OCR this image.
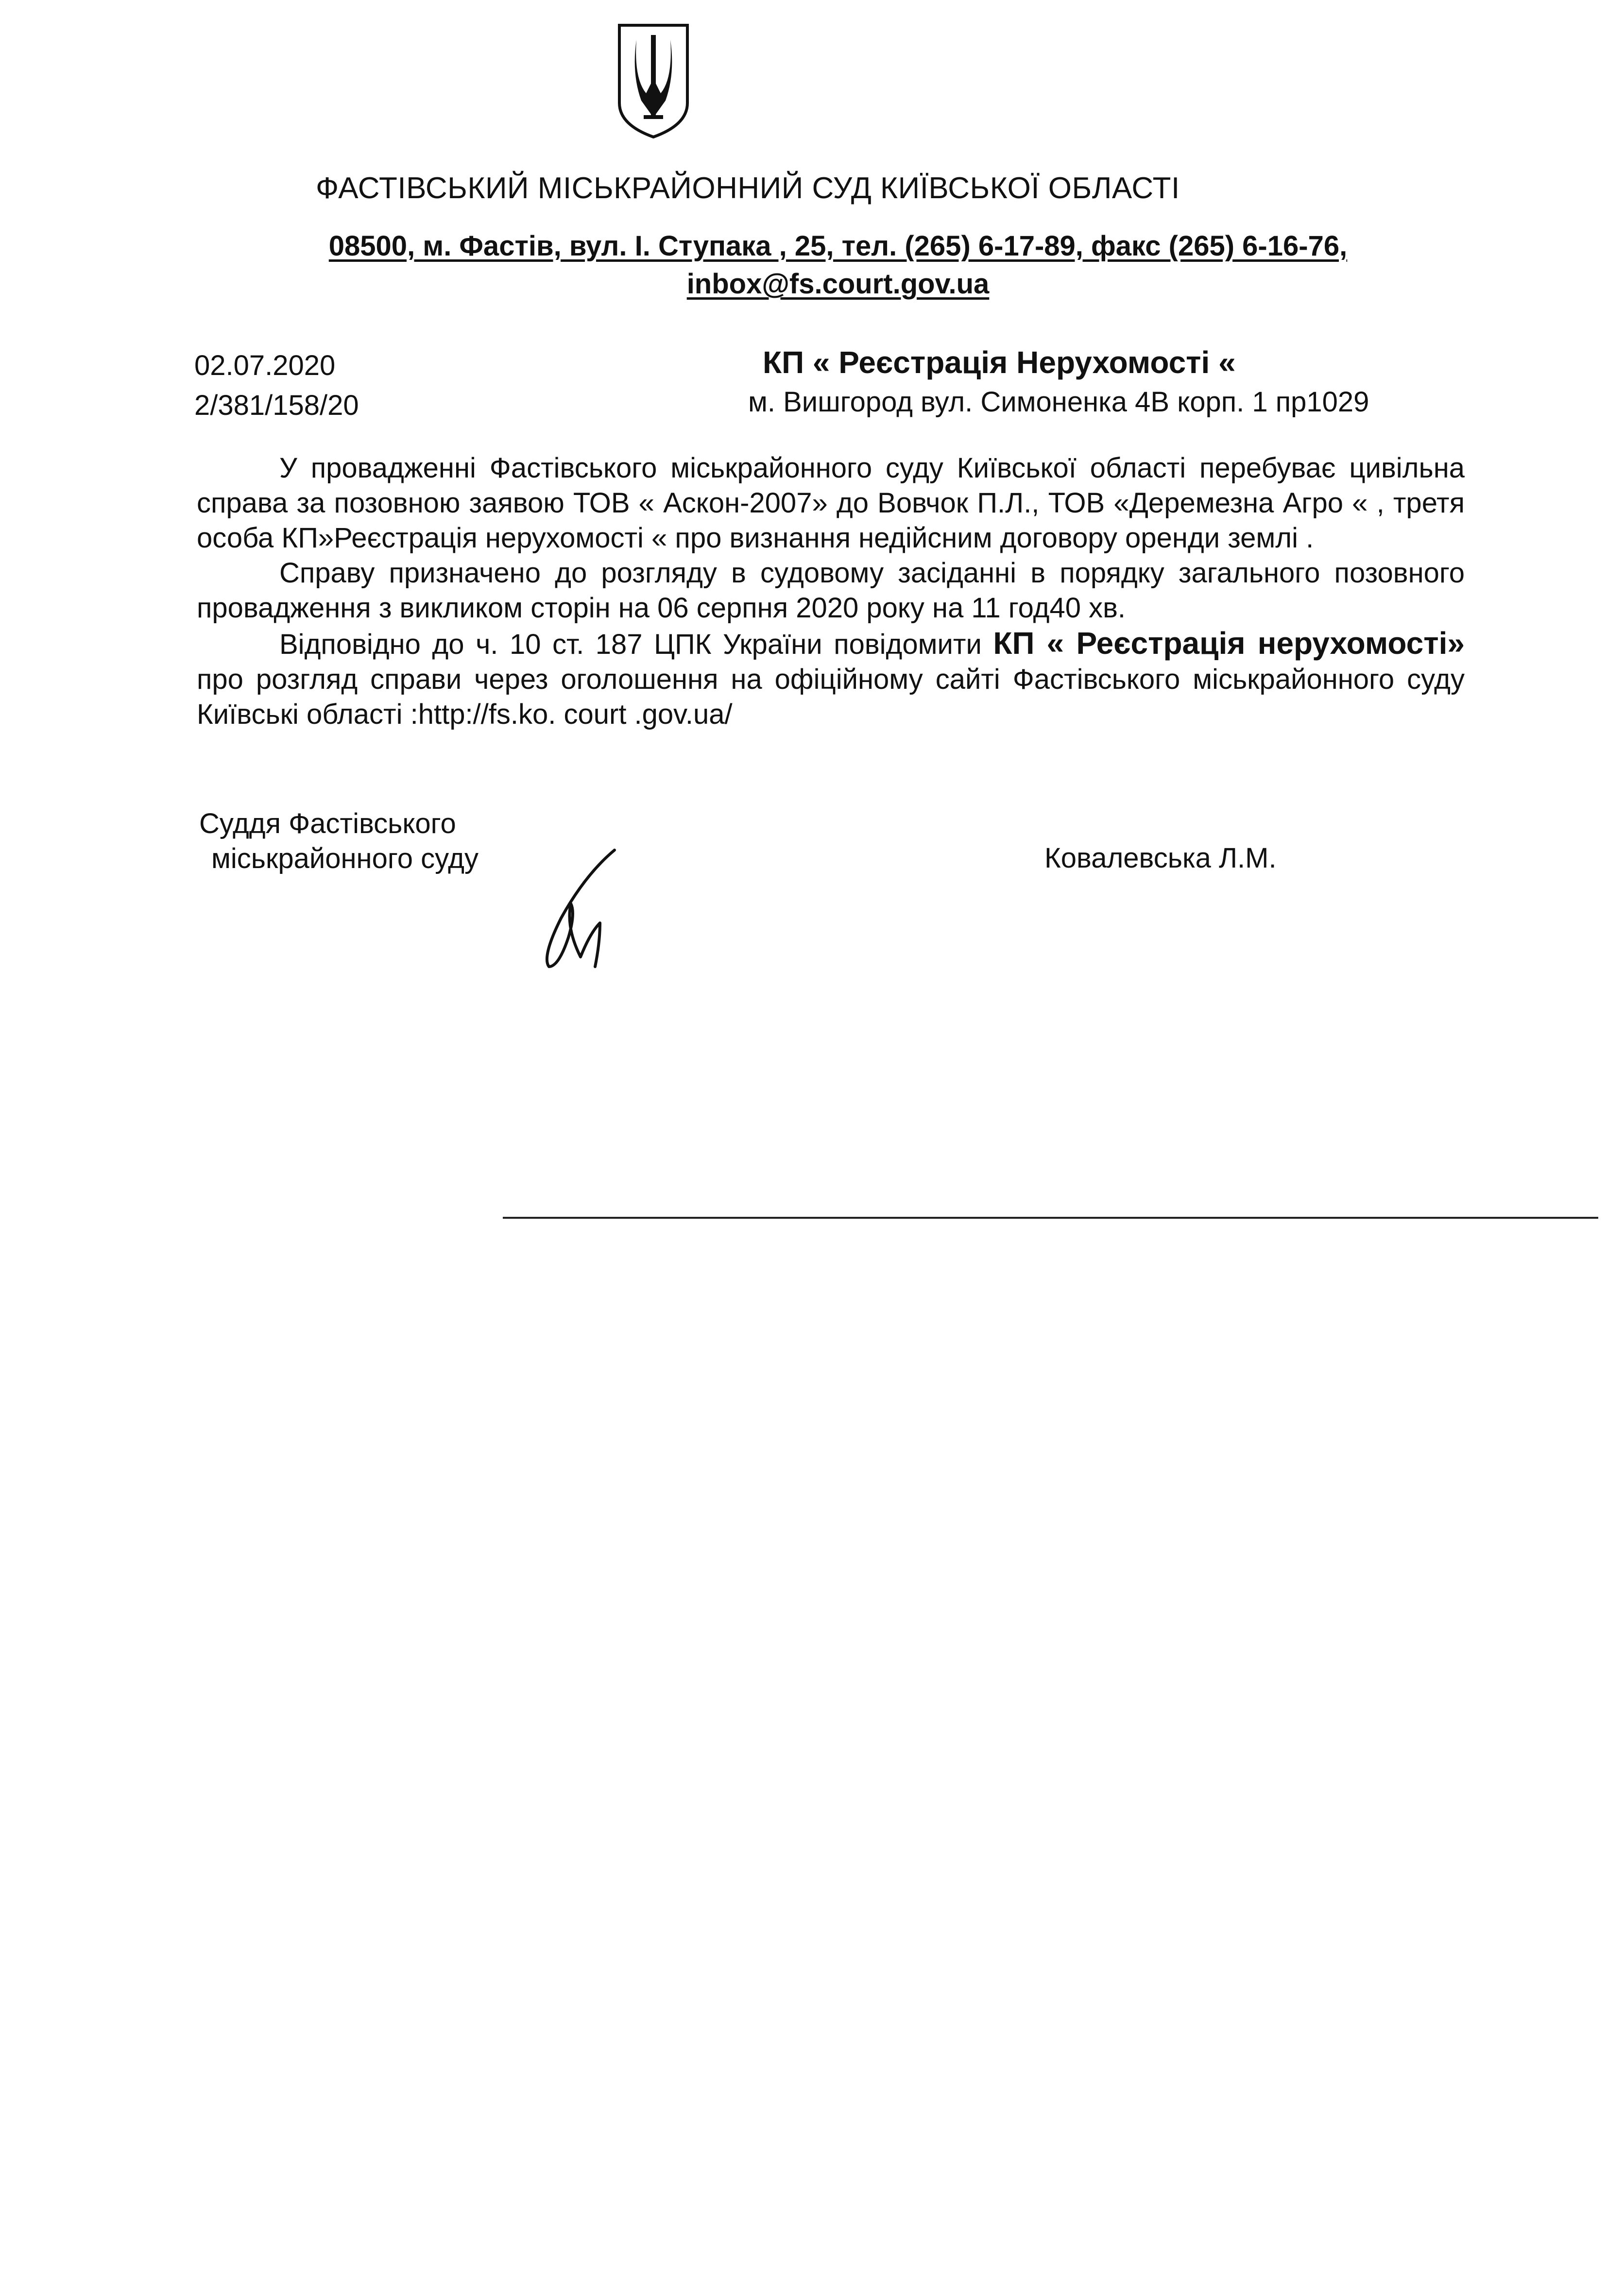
ФАСТІВСЬКИЙ МІСЬКРАЙОННИЙ СУД КИЇВСЬКОЇ ОБЛАСТІ
08500, м. Фастів, вул. І. Ступака , 25, тел. (265) 6-17-89, факс (265) 6-16-76,
inbox@fs.court.gov.ua
02.07.2020
2/381/158/20
КП « Реєстрація Нерухомості «
м. Вишгород вул. Симоненка 4В корп. 1 пр1029

У провадженні Фастівського міськрайонного суду Київської області перебуває цивільна справа за позовною заявою ТОВ « Аскон-2007» до Вовчок П.Л., ТОВ «Деремезна Агро « , третя особа КП»Реєстрація нерухомості « про визнання недійсним договору оренди землі .

Справу призначено до розгляду в судовому засіданні в порядку загального позовного провадження з викликом сторін на 06 серпня 2020 року на 11 год40 хв.

Відповідно до ч. 10 ст. 187 ЦПК України повідомити КП « Реєстрація нерухомості» про розгляд справи через оголошення на офіційному сайті Фастівського міськрайонного суду Київські області :http://fs.ko. court .gov.ua/

Суддя Фастівського
міськрайонного суду	Ковалевська Л.М.
